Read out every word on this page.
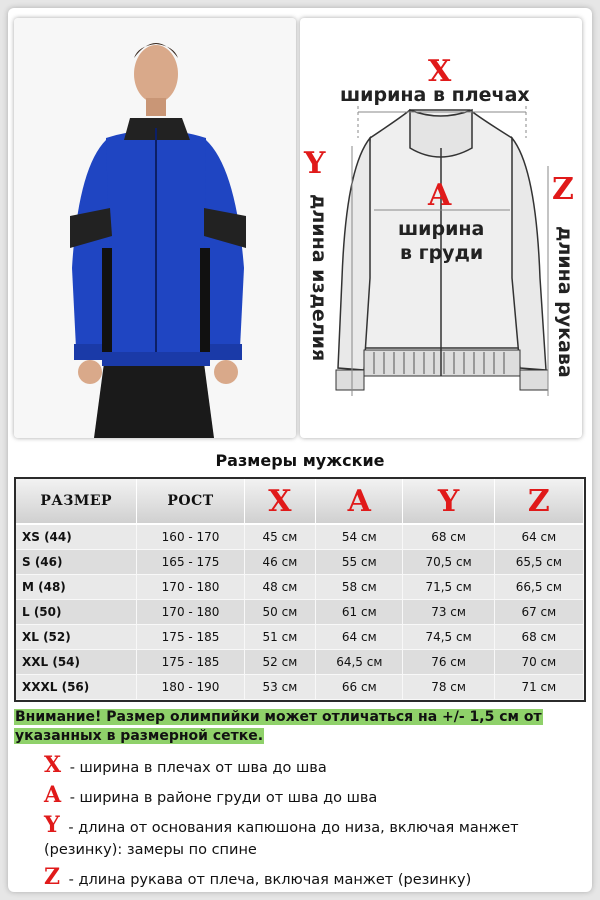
X
ширина в плечах
A
ширина
в груди
Y
длина изделия
Z
длина рукава
Размеры мужские
РАЗМЕР	РОСТ	X	A	Y	Z
XS (44)	160 - 170	45 см	54 см	68 см	64 см
S (46)	165 - 175	46 см	55 см	70,5 см	65,5 см
M (48)	170 - 180	48 см	58 см	71,5 см	66,5 см
L (50)	170 - 180	50 см	61 см	73 см	67 см
XL (52)	175 - 185	51 см	64 см	74,5 см	68 см
XXL (54)	175 - 185	52 см	64,5 см	76 см	70 см
XXXL (56)	180 - 190	53 см	66 см	78 см	71 см
Внимание! Размер олимпийки может отличаться на +/- 1,5 см от
указанных в размерной сетке.
X - ширина в плечах от шва до шва
A - ширина в районе груди от шва до шва
Y - длина от основания капюшона до низа, включая манжет (резинку): замеры по спине
Z - длина рукава от плеча, включая манжет (резинку)
